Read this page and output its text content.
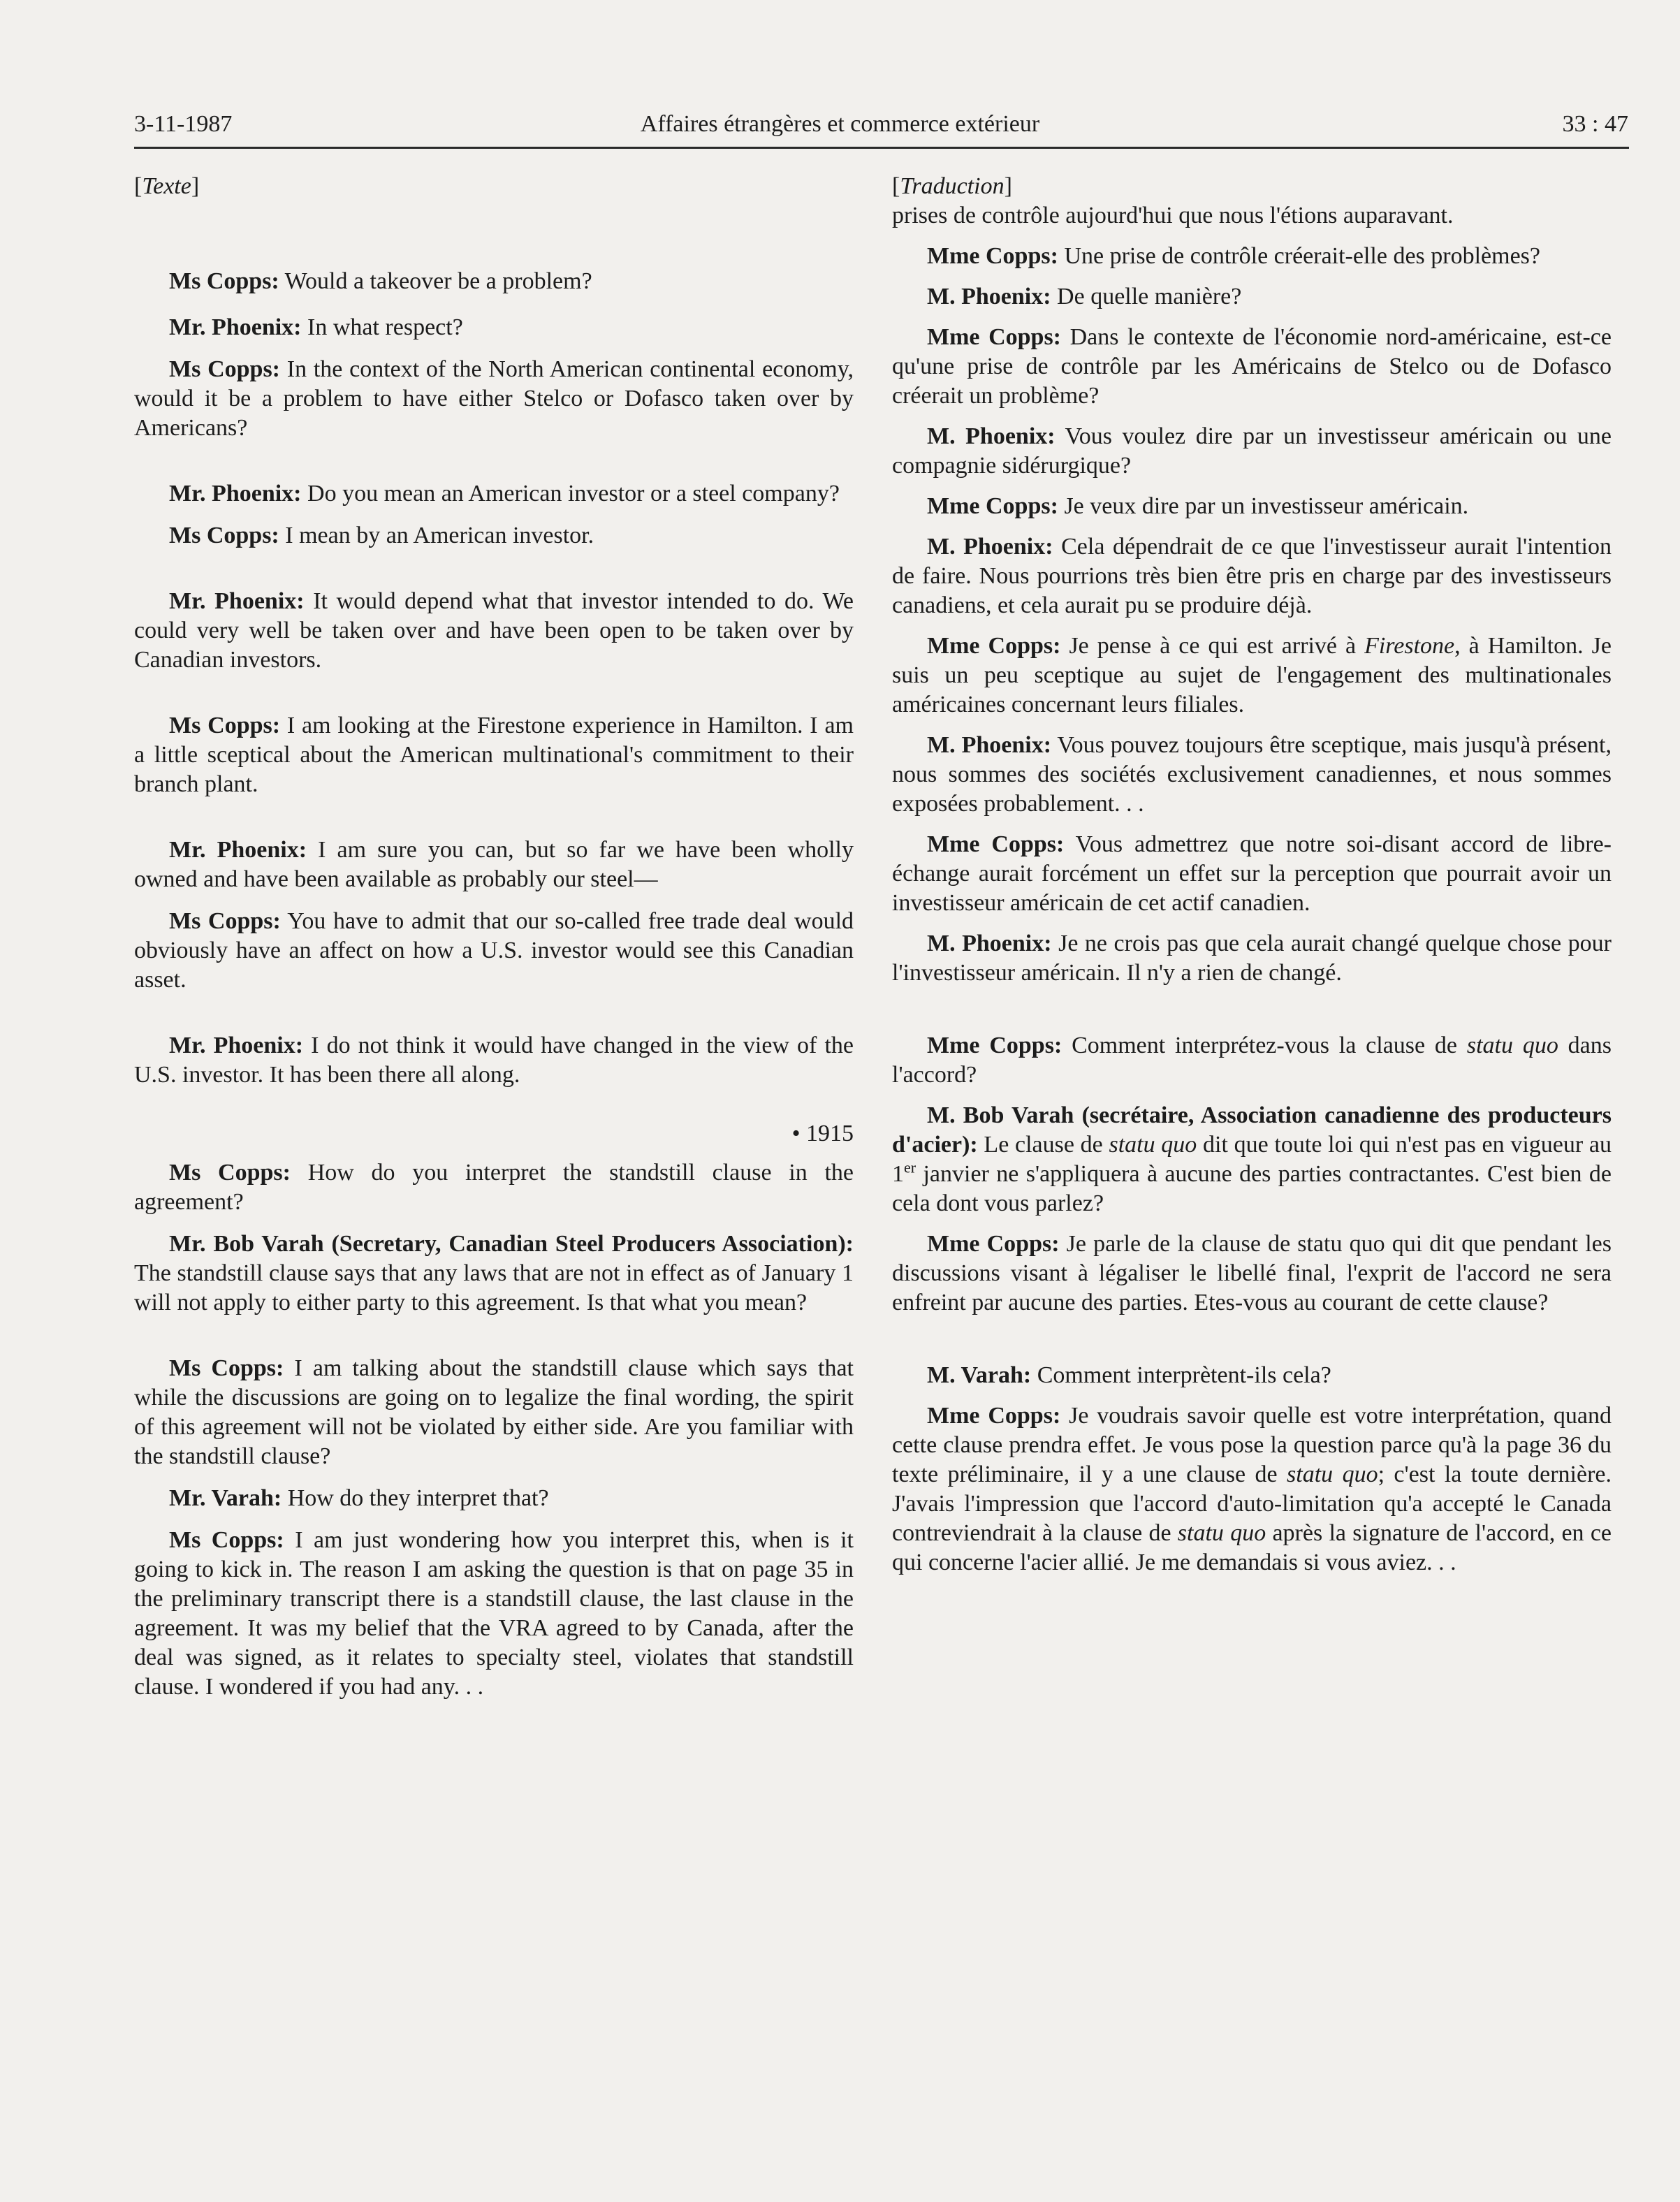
3-11-1987	Affaires étrangères et commerce extérieur	33 : 47
[Texte]

Ms Copps: Would a takeover be a problem?

Mr. Phoenix: In what respect?

Ms Copps: In the context of the North American continental economy, would it be a problem to have either Stelco or Dofasco taken over by Americans?

Mr. Phoenix: Do you mean an American investor or a steel company?

Ms Copps: I mean by an American investor.

Mr. Phoenix: It would depend what that investor intended to do. We could very well be taken over and have been open to be taken over by Canadian investors.

Ms Copps: I am looking at the Firestone experience in Hamilton. I am a little sceptical about the American multinational's commitment to their branch plant.

Mr. Phoenix: I am sure you can, but so far we have been wholly owned and have been available as probably our steel—

Ms Copps: You have to admit that our so-called free trade deal would obviously have an affect on how a U.S. investor would see this Canadian asset.

Mr. Phoenix: I do not think it would have changed in the view of the U.S. investor. It has been there all along.

• 1915

Ms Copps: How do you interpret the standstill clause in the agreement?

Mr. Bob Varah (Secretary, Canadian Steel Producers Association): The standstill clause says that any laws that are not in effect as of January 1 will not apply to either party to this agreement. Is that what you mean?

Ms Copps: I am talking about the standstill clause which says that while the discussions are going on to legalize the final wording, the spirit of this agreement will not be violated by either side. Are you familiar with the standstill clause?

Mr. Varah: How do they interpret that?

Ms Copps: I am just wondering how you interpret this, when is it going to kick in. The reason I am asking the question is that on page 35 in the preliminary transcript there is a standstill clause, the last clause in the agreement. It was my belief that the VRA agreed to by Canada, after the deal was signed, as it relates to specialty steel, violates that standstill clause. I wondered if you had any. . .

[Traduction]
prises de contrôle aujourd'hui que nous l'étions auparavant.

Mme Copps: Une prise de contrôle créerait-elle des problèmes?

M. Phoenix: De quelle manière?

Mme Copps: Dans le contexte de l'économie nord-américaine, est-ce qu'une prise de contrôle par les Américains de Stelco ou de Dofasco créerait un problème?

M. Phoenix: Vous voulez dire par un investisseur américain ou une compagnie sidérurgique?

Mme Copps: Je veux dire par un investisseur américain.

M. Phoenix: Cela dépendrait de ce que l'investisseur aurait l'intention de faire. Nous pourrions très bien être pris en charge par des investisseurs canadiens, et cela aurait pu se produire déjà.

Mme Copps: Je pense à ce qui est arrivé à Firestone, à Hamilton. Je suis un peu sceptique au sujet de l'engagement des multinationales américaines concernant leurs filiales.

M. Phoenix: Vous pouvez toujours être sceptique, mais jusqu'à présent, nous sommes des sociétés exclusivement canadiennes, et nous sommes exposées probablement. . .

Mme Copps: Vous admettrez que notre soi-disant accord de libre-échange aurait forcément un effet sur la perception que pourrait avoir un investisseur américain de cet actif canadien.

M. Phoenix: Je ne crois pas que cela aurait changé quelque chose pour l'investisseur américain. Il n'y a rien de changé.

Mme Copps: Comment interprétez-vous la clause de statu quo dans l'accord?

M. Bob Varah (secrétaire, Association canadienne des producteurs d'acier): Le clause de statu quo dit que toute loi qui n'est pas en vigueur au 1er janvier ne s'appliquera à aucune des parties contractantes. C'est bien de cela dont vous parlez?

Mme Copps: Je parle de la clause de statu quo qui dit que pendant les discussions visant à légaliser le libellé final, l'exprit de l'accord ne sera enfreint par aucune des parties. Etes-vous au courant de cette clause?

M. Varah: Comment interprètent-ils cela?

Mme Copps: Je voudrais savoir quelle est votre interprétation, quand cette clause prendra effet. Je vous pose la question parce qu'à la page 36 du texte préliminaire, il y a une clause de statu quo; c'est la toute dernière. J'avais l'impression que l'accord d'auto-limitation qu'a accepté le Canada contreviendrait à la clause de statu quo après la signature de l'accord, en ce qui concerne l'acier allié. Je me demandais si vous aviez. . .
